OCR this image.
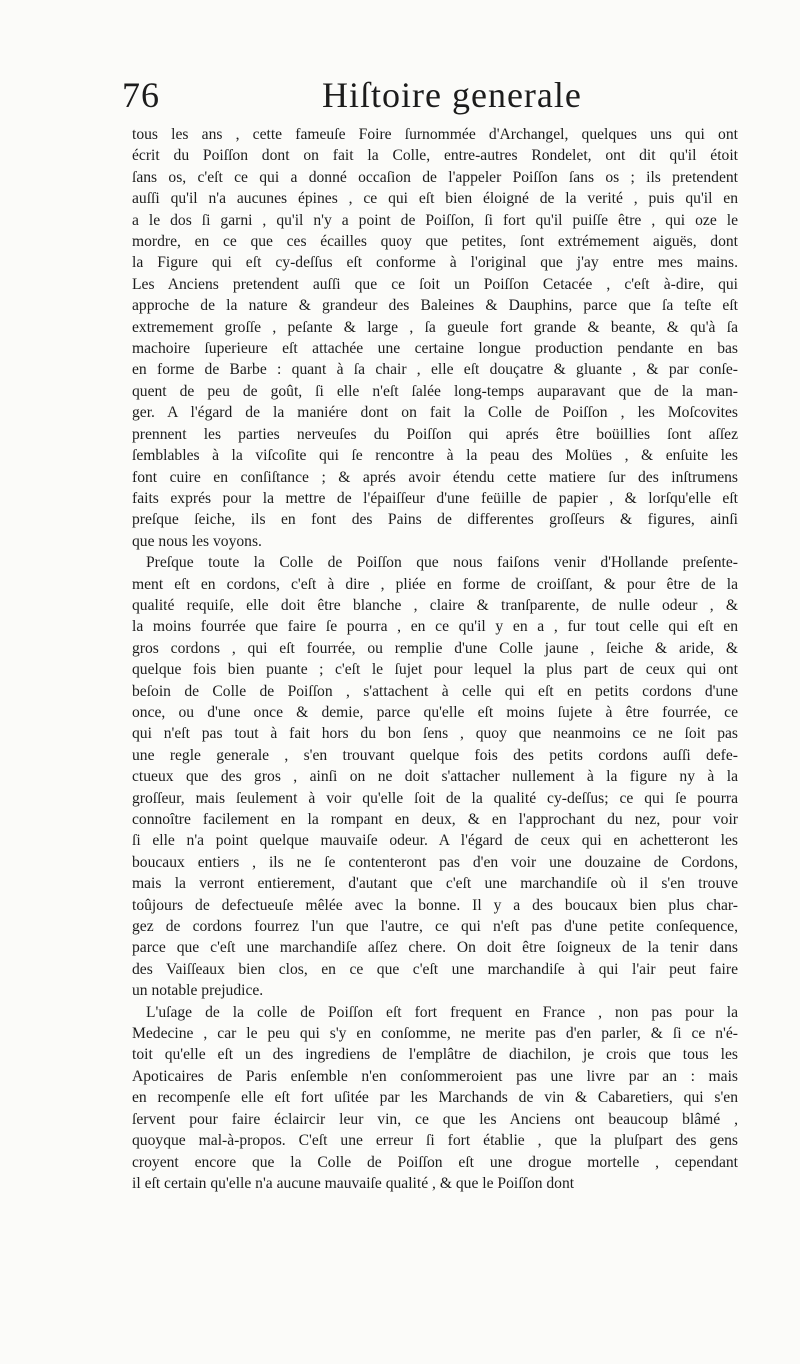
76	Hiſtoire generale
tous les ans , cette fameuſe Foire ſurnommée d'Archangel, quelques uns qui ont
écrit du Poiſſon dont on fait la Colle, entre-autres Rondelet, ont dit qu'il étoit
ſans os, c'eſt ce qui a donné occaſion de l'appeler Poiſſon ſans os ; ils pretendent
auſſi qu'il n'a aucunes épines , ce qui eſt bien éloigné de la verité , puis qu'il en
a le dos ſi garni , qu'il n'y a point de Poiſſon, ſi fort qu'il puiſſe être , qui oze le
mordre, en ce que ces écailles quoy que petites, ſont extrémement aiguës, dont
la Figure qui eſt cy-deſſus eſt conforme à l'original que j'ay entre mes mains.
Les Anciens pretendent auſſi que ce ſoit un Poiſſon Cetacée , c'eſt à-dire, qui
approche de la nature & grandeur des Baleines & Dauphins, parce que ſa teſte eſt
extremement groſſe , peſante & large , ſa gueule fort grande & beante, & qu'à ſa
machoire ſuperieure eſt attachée une certaine longue production pendante en bas
en forme de Barbe : quant à ſa chair , elle eſt douçatre & gluante , & par conſe-
quent de peu de goût, ſi elle n'eſt ſalée long-temps auparavant que de la man-
ger. A l'égard de la maniére dont on fait la Colle de Poiſſon , les Moſcovites
prennent les parties nerveuſes du Poiſſon qui aprés être boüillies ſont aſſez
ſemblables à la viſcoſite qui ſe rencontre à la peau des Molües , & enſuite les
font cuire en conſiſtance ; & aprés avoir étendu cette matiere ſur des inſtrumens
faits exprés pour la mettre de l'épaiſſeur d'une feüille de papier , & lorſqu'elle eſt
preſque ſeiche, ils en font des Pains de differentes groſſeurs & figures, ainſi
que nous les voyons.
Preſque toute la Colle de Poiſſon que nous faiſons venir d'Hollande preſente-
ment eſt en cordons, c'eſt à dire , pliée en forme de croiſſant, & pour être de la
qualité requiſe, elle doit être blanche , claire & tranſparente, de nulle odeur , &
la moins fourrée que faire ſe pourra , en ce qu'il y en a , fur tout celle qui eſt en
gros cordons , qui eſt fourrée, ou remplie d'une Colle jaune , ſeiche & aride, &
quelque fois bien puante ; c'eſt le ſujet pour lequel la plus part de ceux qui ont
beſoin de Colle de Poiſſon , s'attachent à celle qui eſt en petits cordons d'une
once, ou d'une once & demie, parce qu'elle eſt moins ſujete à être fourrée, ce
qui n'eſt pas tout à fait hors du bon ſens , quoy que neanmoins ce ne ſoit pas
une regle generale , s'en trouvant quelque fois des petits cordons auſſi defe-
ctueux que des gros , ainſi on ne doit s'attacher nullement à la figure ny à la
groſſeur, mais ſeulement à voir qu'elle ſoit de la qualité cy-deſſus; ce qui ſe pourra
connoître facilement en la rompant en deux, & en l'approchant du nez, pour voir
ſi elle n'a point quelque mauvaiſe odeur. A l'égard de ceux qui en achetteront les
boucaux entiers , ils ne ſe contenteront pas d'en voir une douzaine de Cordons,
mais la verront entierement, d'autant que c'eſt une marchandiſe où il s'en trouve
toûjours de defectueuſe mêlée avec la bonne. Il y a des boucaux bien plus char-
gez de cordons fourrez l'un que l'autre, ce qui n'eſt pas d'une petite conſequence,
parce que c'eſt une marchandiſe aſſez chere. On doit être ſoigneux de la tenir dans
des Vaiſſeaux bien clos, en ce que c'eſt une marchandiſe à qui l'air peut faire
un notable prejudice.
L'uſage de la colle de Poiſſon eſt fort frequent en France , non pas pour la
Medecine , car le peu qui s'y en conſomme, ne merite pas d'en parler, & ſi ce n'é-
toit qu'elle eſt un des ingrediens de l'emplâtre de diachilon, je crois que tous les
Apoticaires de Paris enſemble n'en conſommeroient pas une livre par an : mais
en recompenſe elle eſt fort uſitée par les Marchands de vin & Cabaretiers, qui s'en
ſervent pour faire éclaircir leur vin, ce que les Anciens ont beaucoup blâmé ,
quoyque mal-à-propos. C'eſt une erreur ſi fort établie , que la pluſpart des gens
croyent encore que la Colle de Poiſſon eſt une drogue mortelle , cependant
il eſt certain qu'elle n'a aucune mauvaiſe qualité , & que le Poiſſon dont
